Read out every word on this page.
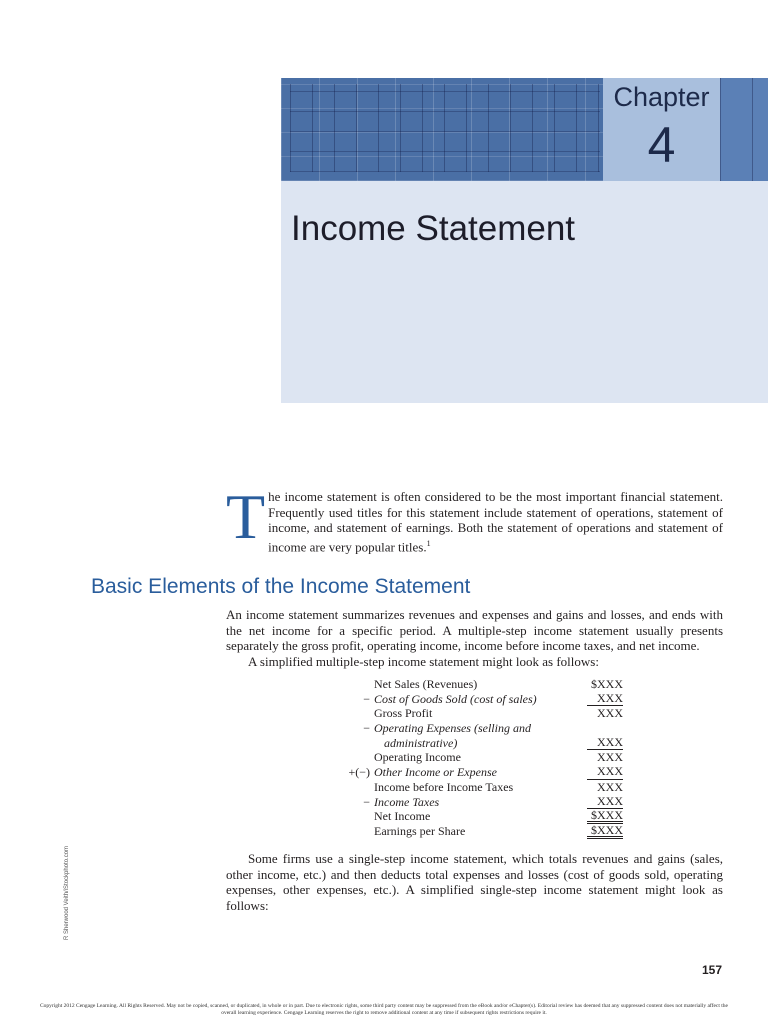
Chapter
4
Income Statement
The income statement is often considered to be the most important financial statement. Frequently used titles for this statement include statement of operations, statement of income, and statement of earnings. Both the statement of operations and statement of income are very popular titles.$^1$
Basic Elements of the Income Statement
An income statement summarizes revenues and expenses and gains and losses, and ends with the net income for a specific period. A multiple-step income statement usually presents separately the gross profit, operating income, income before income taxes, and net income.
A simplified multiple-step income statement might look as follows:
Net Sales (Revenues)	$XXX
− Cost of Goods Sold (cost of sales)	XXX
Gross Profit	XXX
− Operating Expenses (selling and
administrative)	XXX
Operating Income	XXX
+(−) Other Income or Expense	XXX
Income before Income Taxes	XXX
− Income Taxes	XXX
Net Income	$XXX
Earnings per Share	$XXX
Some firms use a single-step income statement, which totals revenues and gains (sales, other income, etc.) and then deducts total expenses and losses (cost of goods sold, operating expenses, other expenses, etc.). A simplified single-step income statement might look as follows:
R Sherwood Veith/iStockphoto.com
157
Copyright 2012 Cengage Learning. All Rights Reserved. May not be copied, scanned, or duplicated, in whole or in part. Due to electronic rights, some third party content may be suppressed from the eBook and/or eChapter(s). Editorial review has deemed that any suppressed content does not materially affect the overall learning experience. Cengage Learning reserves the right to remove additional content at any time if subsequent rights restrictions require it.
